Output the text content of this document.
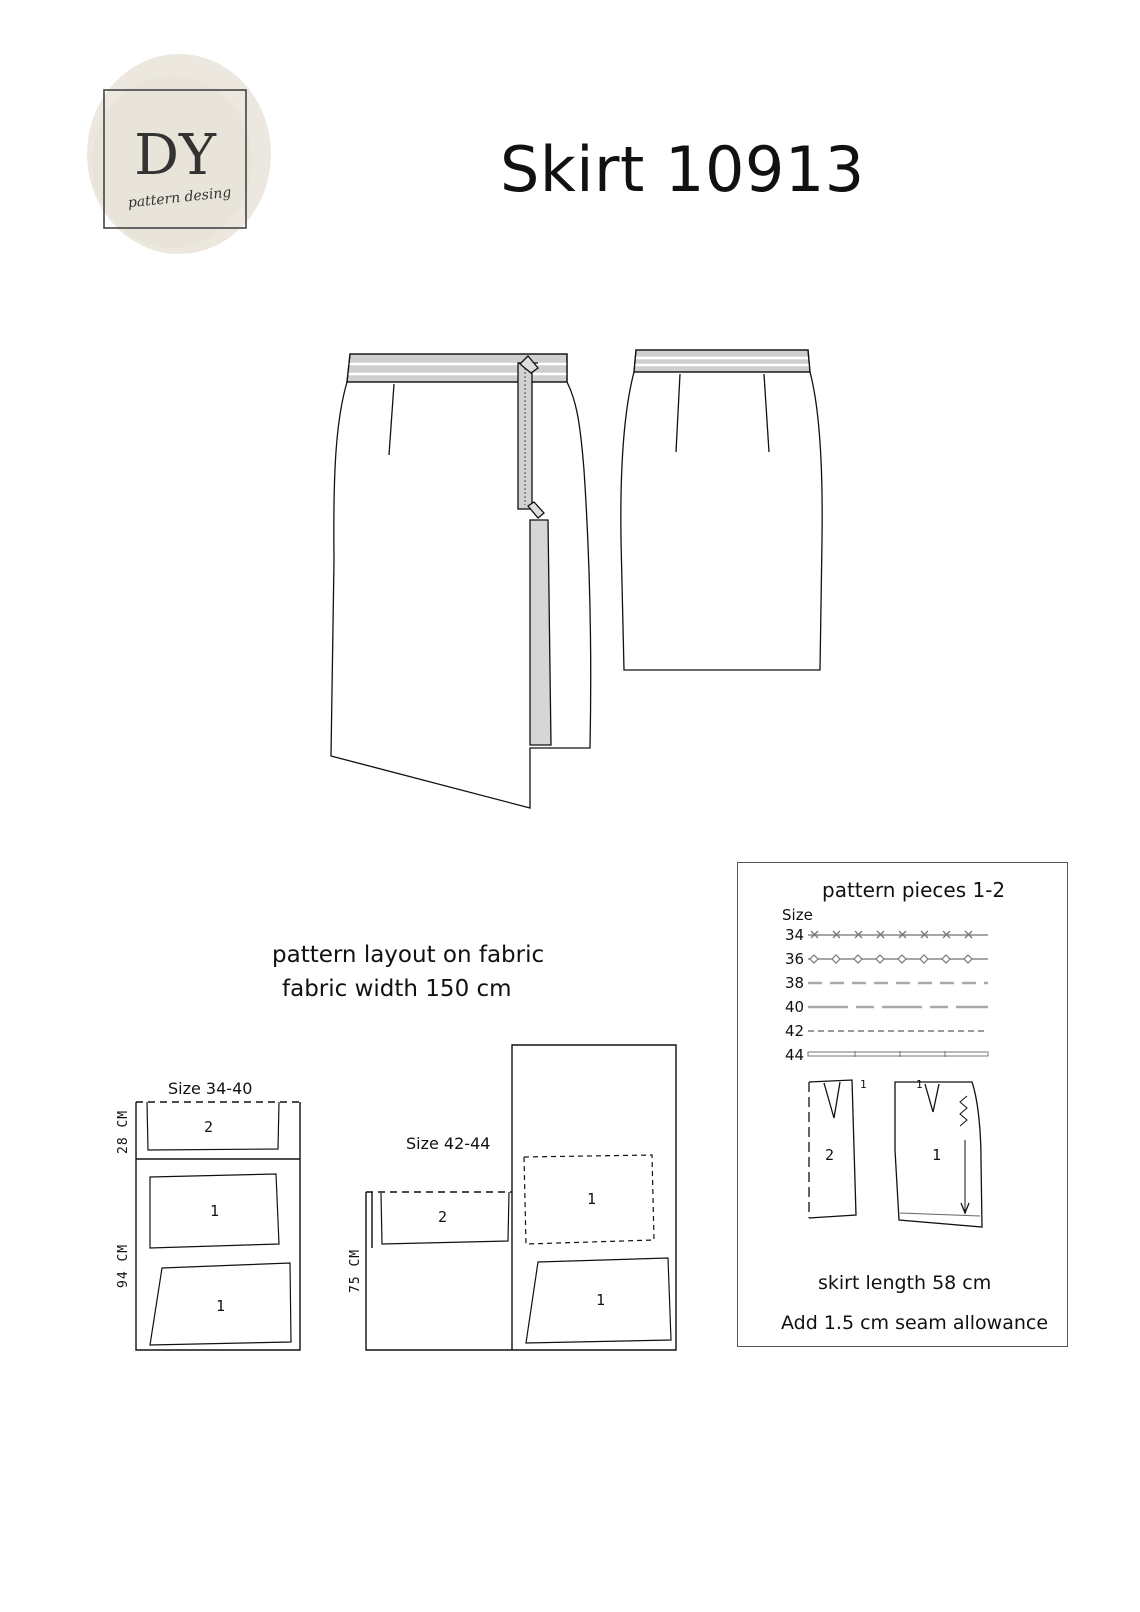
DY
pattern desing	Skirt 10913
pattern layout on fabric
fabric width 150 cm
Size 34-40
Size 42-44
28 CM
94 CM	75 CM
2
1
1
2
1
1
pattern pieces 1-2
Size
34
36
38
40
42
44
2
1
1
1
skirt length 58 cm
Add 1.5 cm seam allowance
